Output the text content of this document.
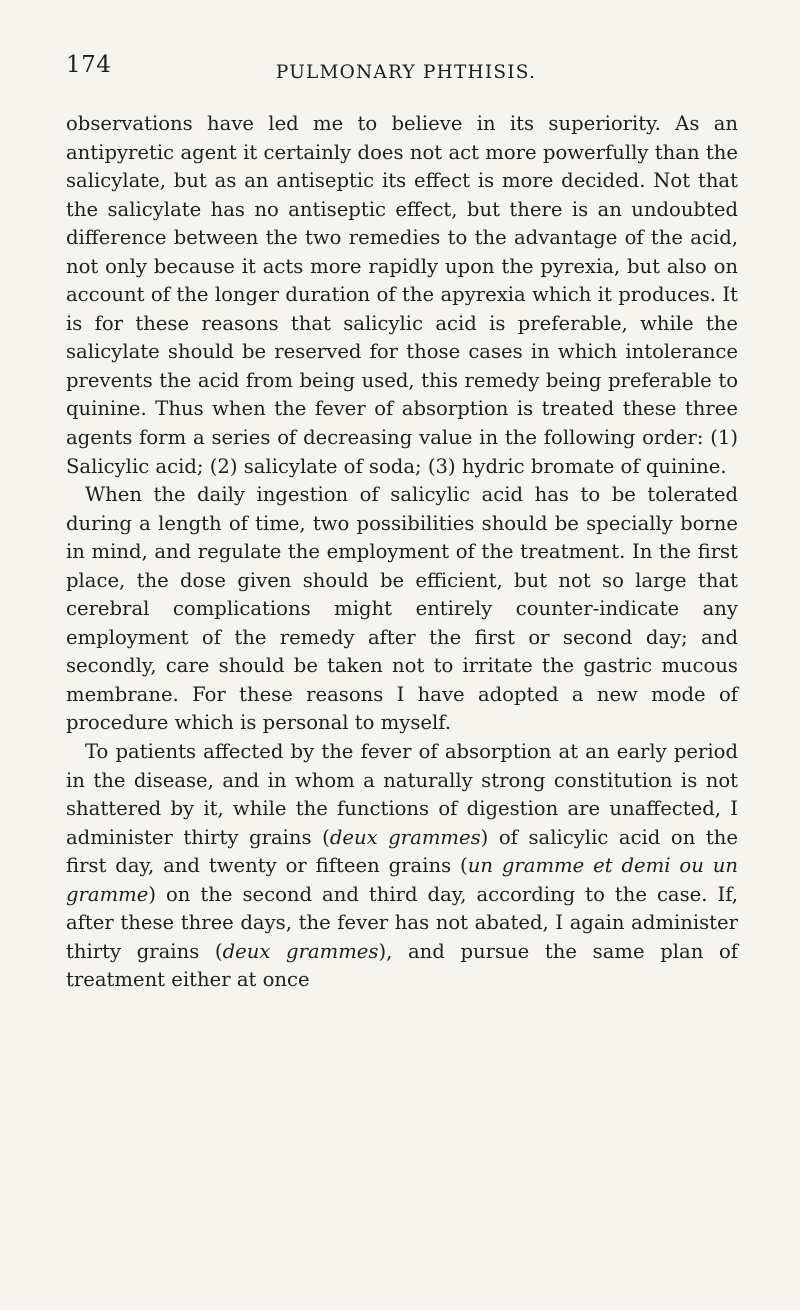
174	PULMONARY PHTHISIS.

observations have led me to believe in its superiority. As an antipyretic agent it certainly does not act more powerfully than the salicylate, but as an antiseptic its effect is more decided. Not that the salicylate has no antiseptic effect, but there is an undoubted difference between the two remedies to the advantage of the acid, not only because it acts more rapidly upon the pyrexia, but also on account of the longer duration of the apyrexia which it produces. It is for these reasons that salicylic acid is preferable, while the salicylate should be reserved for those cases in which intolerance prevents the acid from being used, this remedy being preferable to quinine. Thus when the fever of absorption is treated these three agents form a series of decreasing value in the following order: (1) Salicylic acid; (2) salicylate of soda; (3) hydric bromate of quinine.

When the daily ingestion of salicylic acid has to be tolerated during a length of time, two possibilities should be specially borne in mind, and regulate the employment of the treatment. In the first place, the dose given should be efficient, but not so large that cerebral complications might entirely counter-indicate any employment of the remedy after the first or second day; and secondly, care should be taken not to irritate the gastric mucous membrane. For these reasons I have adopted a new mode of procedure which is personal to myself.

To patients affected by the fever of absorption at an early period in the disease, and in whom a naturally strong constitution is not shattered by it, while the functions of digestion are unaffected, I administer thirty grains (deux grammes) of salicylic acid on the first day, and twenty or fifteen grains (un gramme et demi ou un gramme) on the second and third day, according to the case. If, after these three days, the fever has not abated, I again administer thirty grains (deux grammes), and pursue the same plan of treatment either at once
